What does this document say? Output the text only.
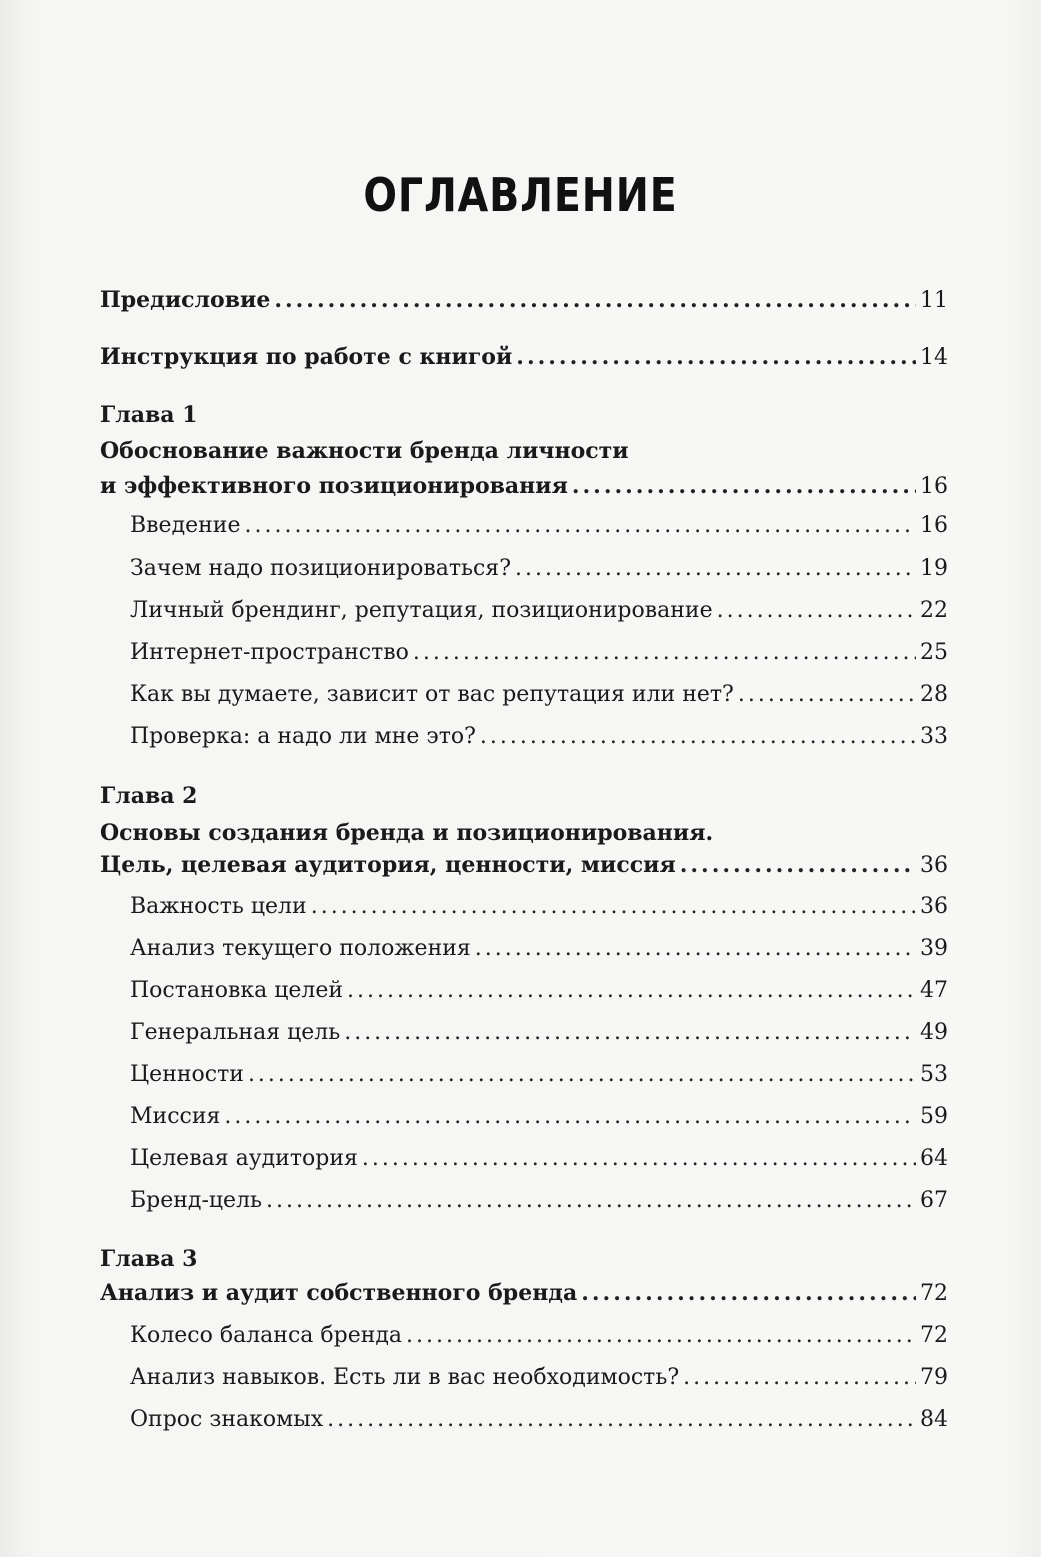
ОГЛАВЛЕНИЕ
Предисловие .....	11
Инструкция по работе с книгой .....	14
Глава 1
Обоснование важности бренда личности
и эффективного позиционирования .....	16
Введение .....	16
Зачем надо позиционироваться? .....	19
Личный брендинг, репутация, позиционирование .....	22
Интернет-пространство .....	25
Как вы думаете, зависит от вас репутация или нет? .....	28
Проверка: а надо ли мне это? .....	33
Глава 2
Основы создания бренда и позиционирования.
Цель, целевая аудитория, ценности, миссия .....	36
Важность цели .....	36
Анализ текущего положения .....	39
Постановка целей .....	47
Генеральная цель .....	49
Ценности .....	53
Миссия .....	59
Целевая аудитория .....	64
Бренд-цель .....	67
Глава 3
Анализ и аудит собственного бренда .....	72
Колесо баланса бренда .....	72
Анализ навыков. Есть ли в вас необходимость? .....	79
Опрос знакомых .....	84
